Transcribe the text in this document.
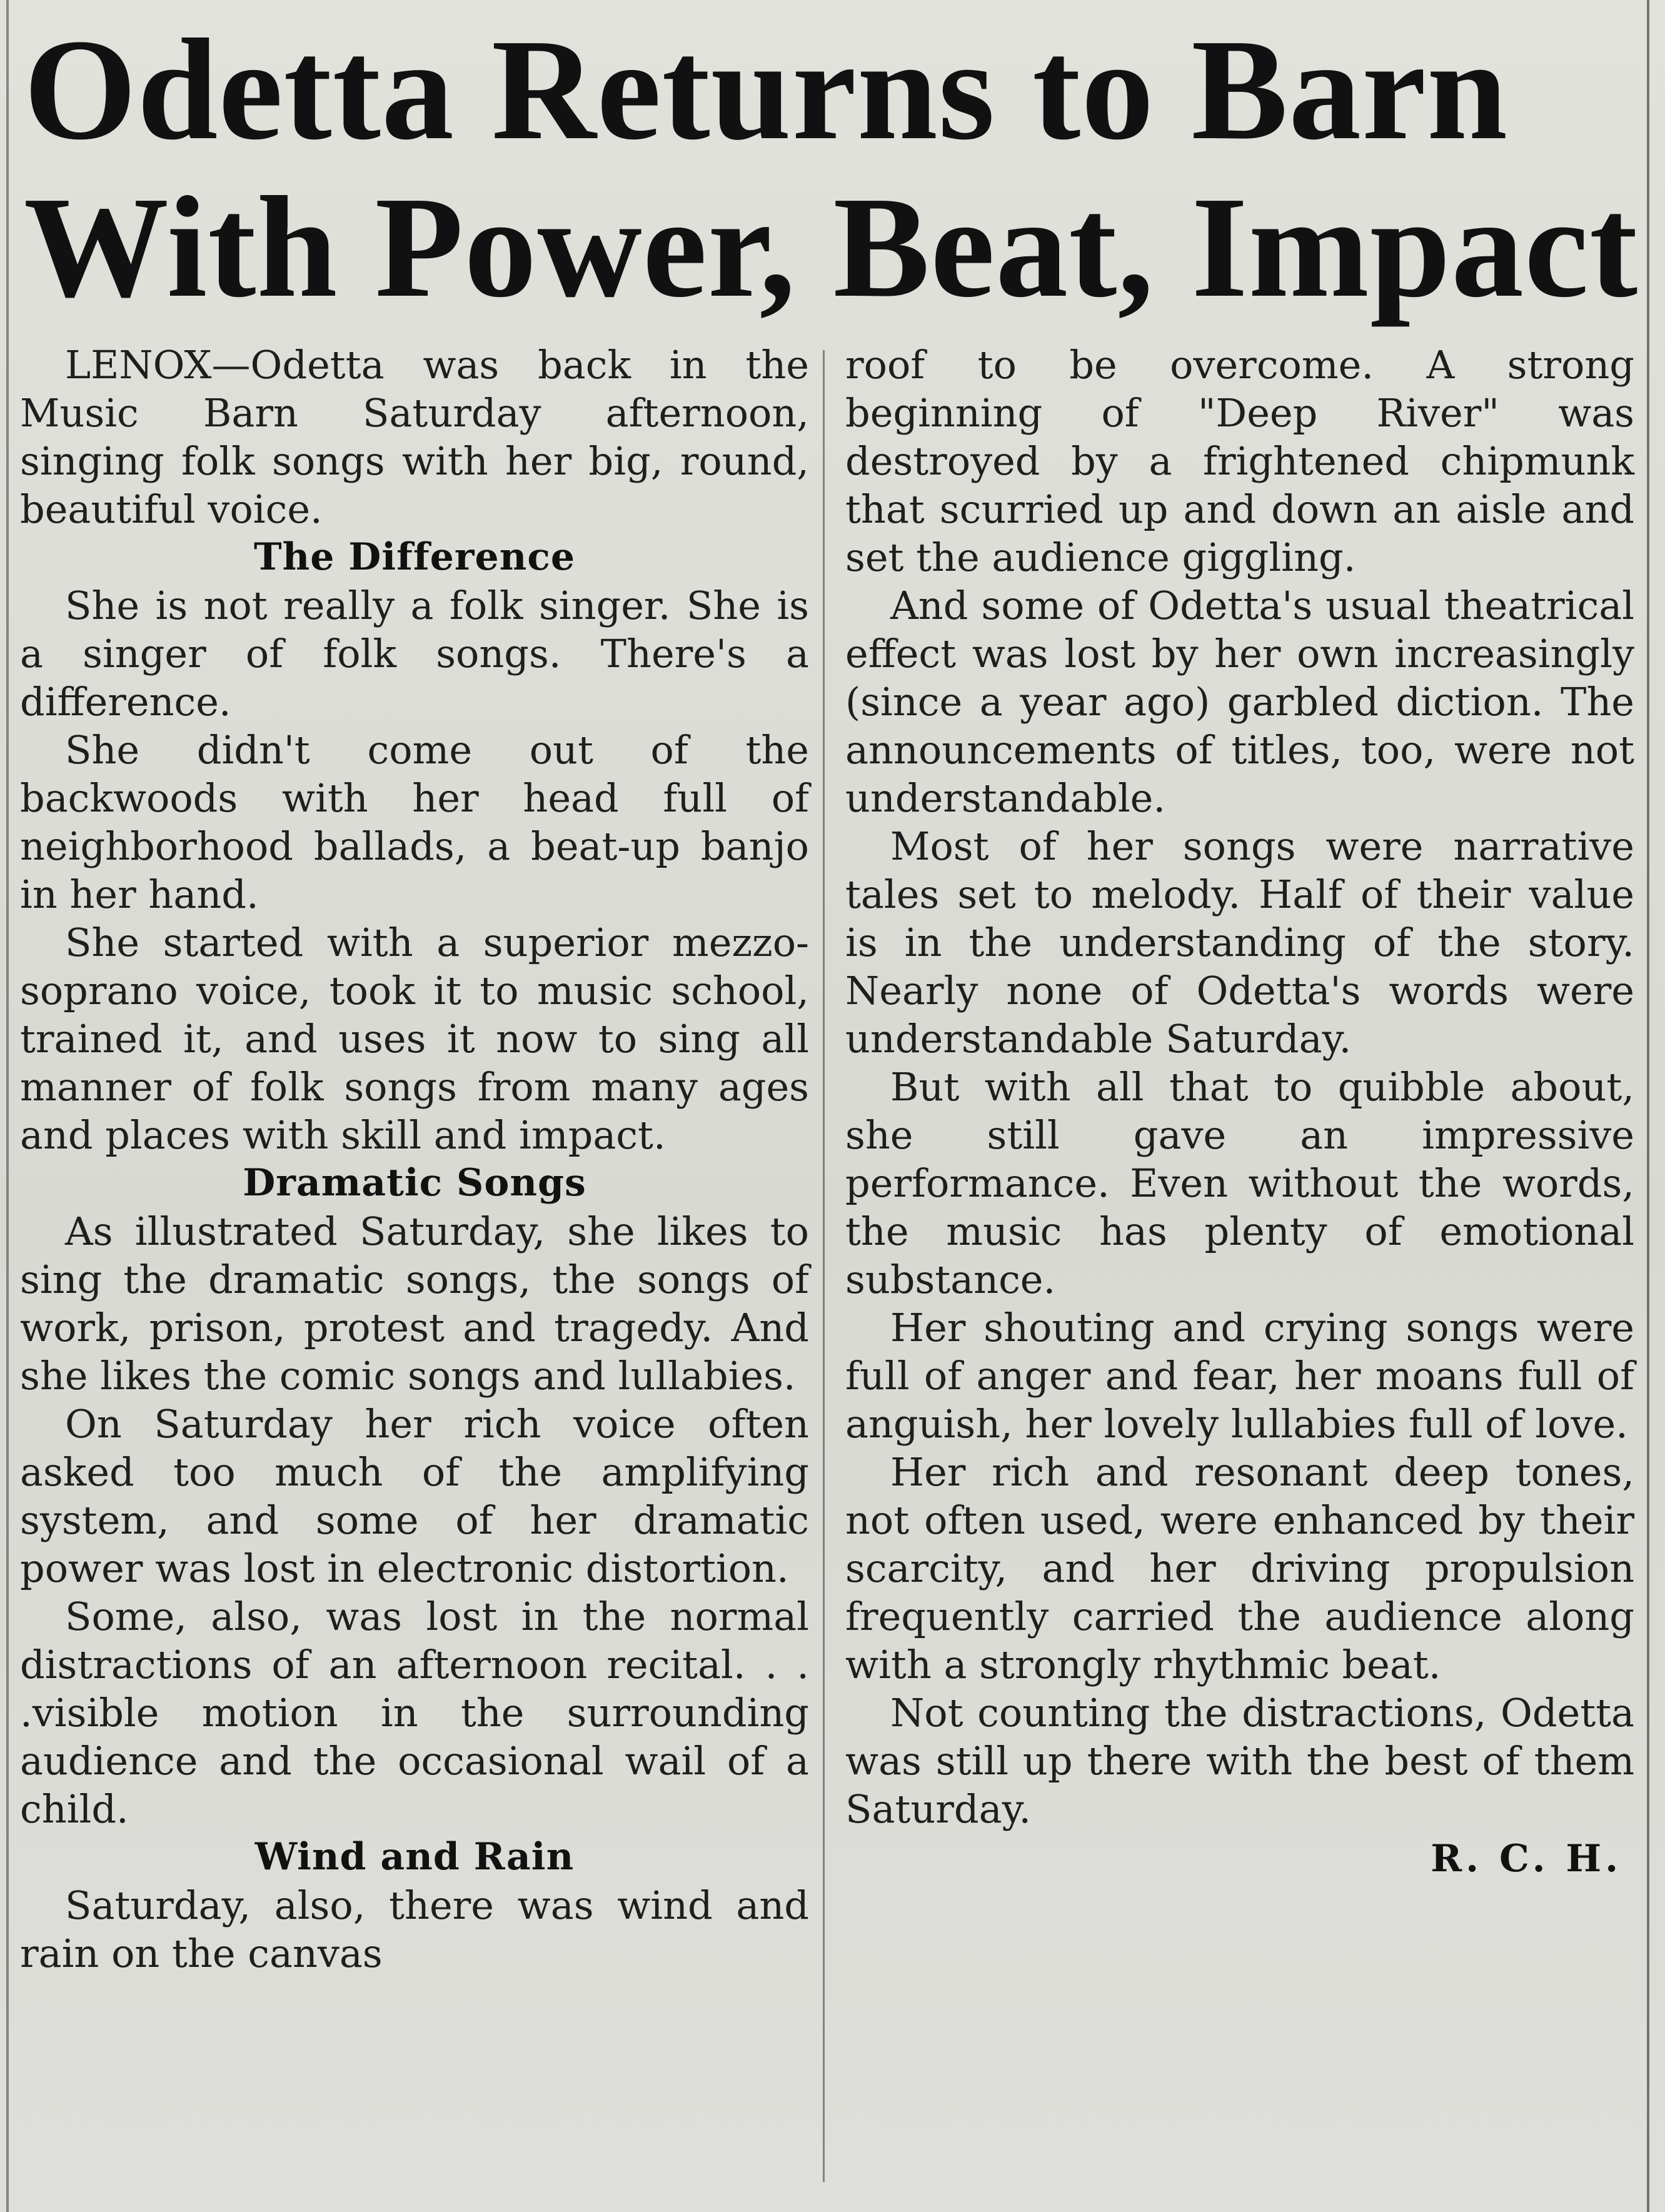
Odetta Returns to Barn
With Power, Beat, Impact

LENOX—Odetta was back in the Music Barn Saturday afternoon, singing folk songs with her big, round, beautiful voice.

The Difference

She is not really a folk singer. She is a singer of folk songs. There's a difference.

She didn't come out of the backwoods with her head full of neighborhood ballads, a beat-up banjo in her hand.

She started with a superior mezzo-soprano voice, took it to music school, trained it, and uses it now to sing all manner of folk songs from many ages and places with skill and impact.

Dramatic Songs

As illustrated Saturday, she likes to sing the dramatic songs, the songs of work, prison, protest and tragedy. And she likes the comic songs and lullabies.

On Saturday her rich voice often asked too much of the amplifying system, and some of her dramatic power was lost in electronic distortion.

Some, also, was lost in the normal distractions of an afternoon recital. . . .visible motion in the surrounding audience and the occasional wail of a child.

Wind and Rain

Saturday, also, there was wind and rain on the canvas

roof to be overcome. A strong beginning of "Deep River" was destroyed by a frightened chipmunk that scurried up and down an aisle and set the audience giggling.

And some of Odetta's usual theatrical effect was lost by her own increasingly (since a year ago) garbled diction. The announcements of titles, too, were not understandable.

Most of her songs were narrative tales set to melody. Half of their value is in the understanding of the story. Nearly none of Odetta's words were understandable Saturday.

But with all that to quibble about, she still gave an impressive performance. Even without the words, the music has plenty of emotional substance.

Her shouting and crying songs were full of anger and fear, her moans full of anguish, her lovely lullabies full of love.

Her rich and resonant deep tones, not often used, were enhanced by their scarcity, and her driving propulsion frequently carried the audience along with a strongly rhythmic beat.

Not counting the distractions, Odetta was still up there with the best of them Saturday.

R. C. H.
